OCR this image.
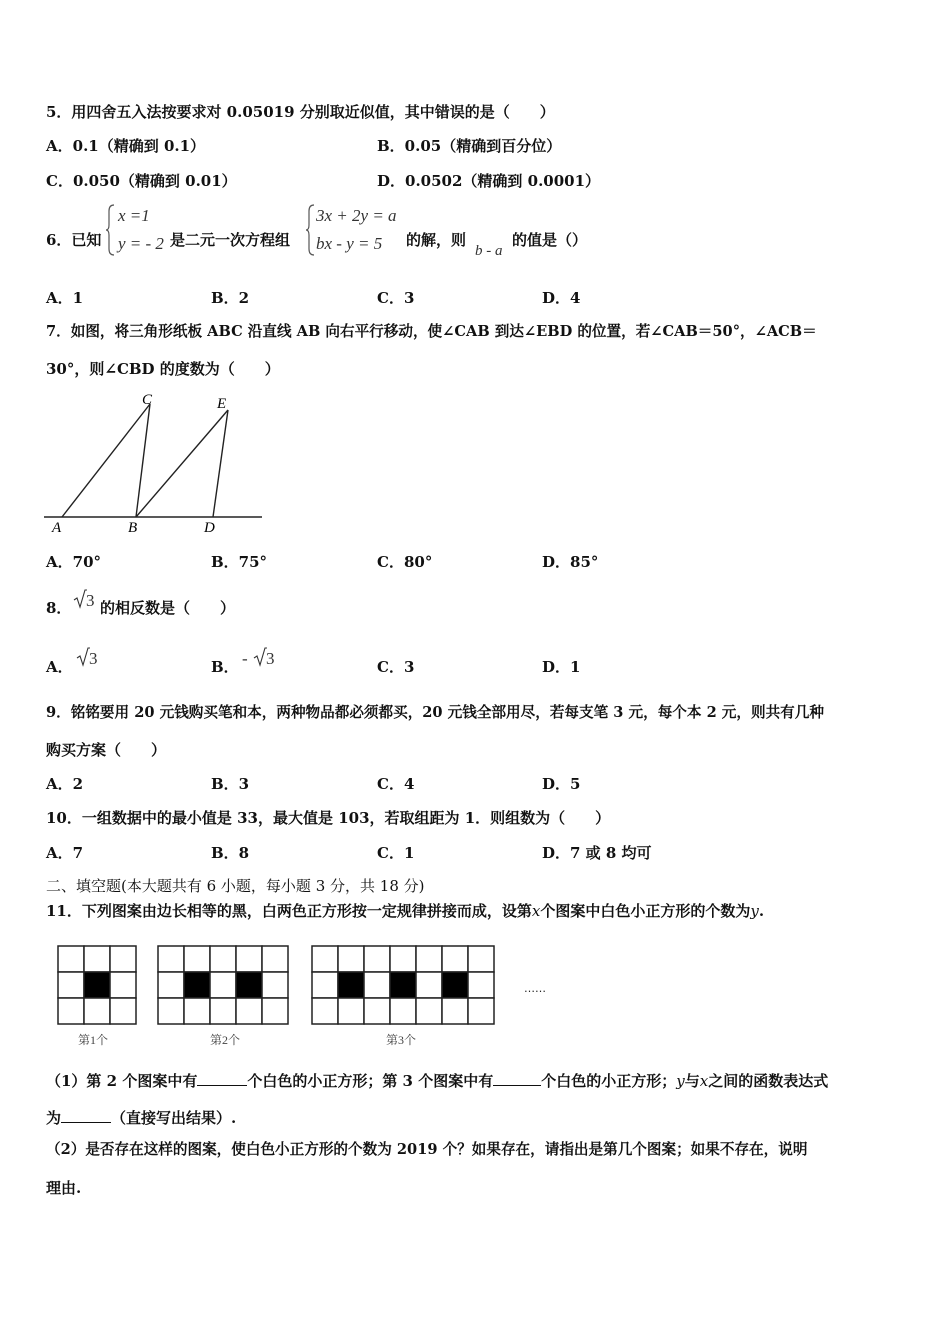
5．用四舍五入法按要求对 0.05019 分别取近似值，其中错误的是（　　）
A．0.1（精确到 0.1）	B．0.05（精确到百分位）
C．0.050（精确到 0.01）	D．0.0502（精确到 0.0001）
6．已知
x =1
y = - 2 是二元一次方程组
3x + 2y = a
bx - y = 5 的解，则
b - a
的值是（）
A．1	B．2	C．3	D．4
7．如图，将三角形纸板 ABC 沿直线 AB 向右平行移动，使∠CAB 到达∠EBD 的位置，若∠CAB＝50°，∠ACB＝
30°，则∠CBD 的度数为（　　）
C	E
A	B	D
A．70°	B．75°	C．80°	D．85°
8． 3 的相反数是（　　）
A． 3	B． - 3	C．3	D．1
9．铭铭要用 20 元钱购买笔和本，两种物品都必须都买，20 元钱全部用尽，若每支笔 3 元，每个本 2 元，则共有几种
购买方案（　　）
A．2	B．3	C．4	D．5
10．一组数据中的最小值是 33，最大值是 103，若取组距为 1．则组数为（　　）
A．7	B．8	C．1	D．7 或 8 均可
二、填空题(本大题共有 6 小题，每小题 3 分，共 18 分)
11．下列图案由边长相等的黑，白两色正方形按一定规律拼接而成，设第x个图案中白色小正方形的个数为y.
第1个	第2个	第3个
……
（1）第 2 个图案中有	个白色的小正方形；第 3 个图案中有	个白色的小正方形；y与x之间的函数表达式
为	（直接写出结果）.
（2）是否存在这样的图案，使白色小正方形的个数为 2019 个？如果存在，请指出是第几个图案；如果不存在，说明
理由.
